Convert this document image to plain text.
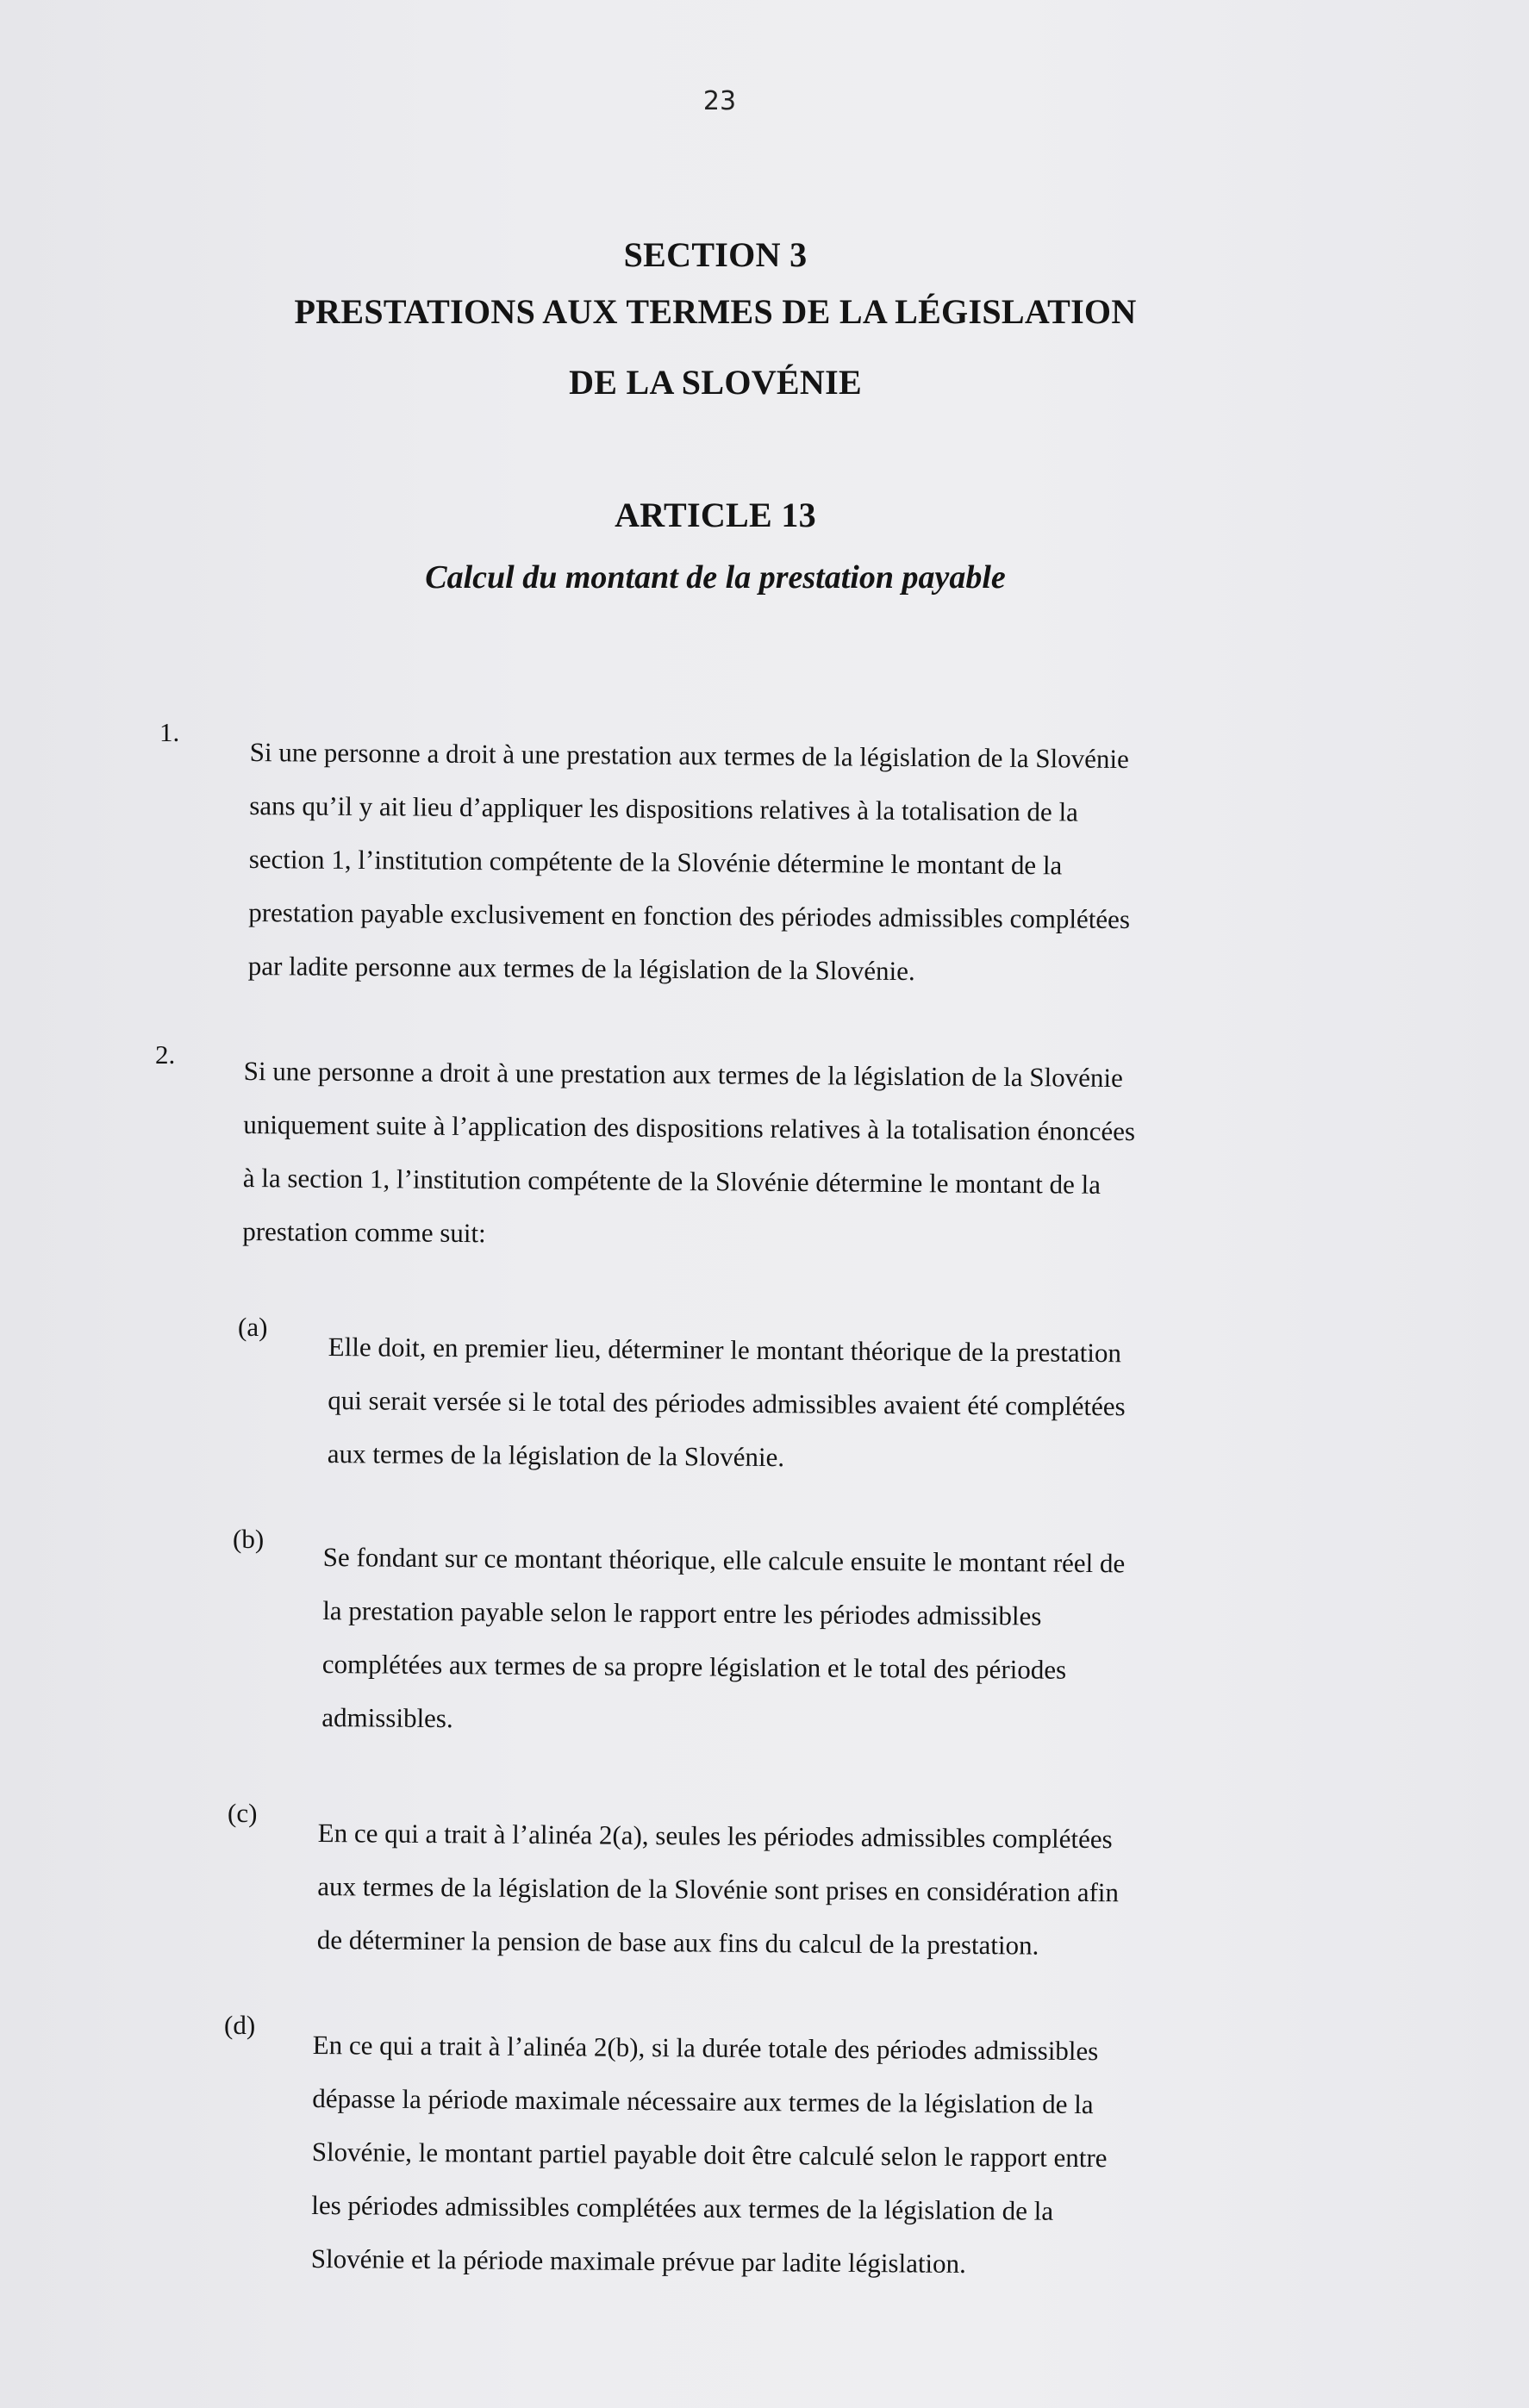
23
SECTION 3
PRESTATIONS AUX TERMES DE LA LÉGISLATION
DE LA SLOVÉNIE
ARTICLE 13
Calcul du montant de la prestation payable
1.
Si une personne a droit à une prestation aux termes de la législation de la Slovénie
sans qu’il y ait lieu d’appliquer les dispositions relatives à la totalisation de la
section 1, l’institution compétente de la Slovénie détermine le montant de la
prestation payable exclusivement en fonction des périodes admissibles complétées
par ladite personne aux termes de la législation de la Slovénie.
2.
Si une personne a droit à une prestation aux termes de la législation de la Slovénie
uniquement suite à l’application des dispositions relatives à la totalisation énoncées
à la section 1, l’institution compétente de la Slovénie détermine le montant de la
prestation comme suit:
(a)
Elle doit, en premier lieu, déterminer le montant théorique de la prestation
qui serait versée si le total des périodes admissibles avaient été complétées
aux termes de la législation de la Slovénie.
(b)
Se fondant sur ce montant théorique, elle calcule ensuite le montant réel de
la prestation payable selon le rapport entre les périodes admissibles
complétées aux termes de sa propre législation et le total des périodes
admissibles.
(c)
En ce qui a trait à l’alinéa 2(a), seules les périodes admissibles complétées
aux termes de la législation de la Slovénie sont prises en considération afin
de déterminer la pension de base aux fins du calcul de la prestation.
(d)
En ce qui a trait à l’alinéa 2(b), si la durée totale des périodes admissibles
dépasse la période maximale nécessaire aux termes de la législation de la
Slovénie, le montant partiel payable doit être calculé selon le rapport entre
les périodes admissibles complétées aux termes de la législation de la
Slovénie et la période maximale prévue par ladite législation.
